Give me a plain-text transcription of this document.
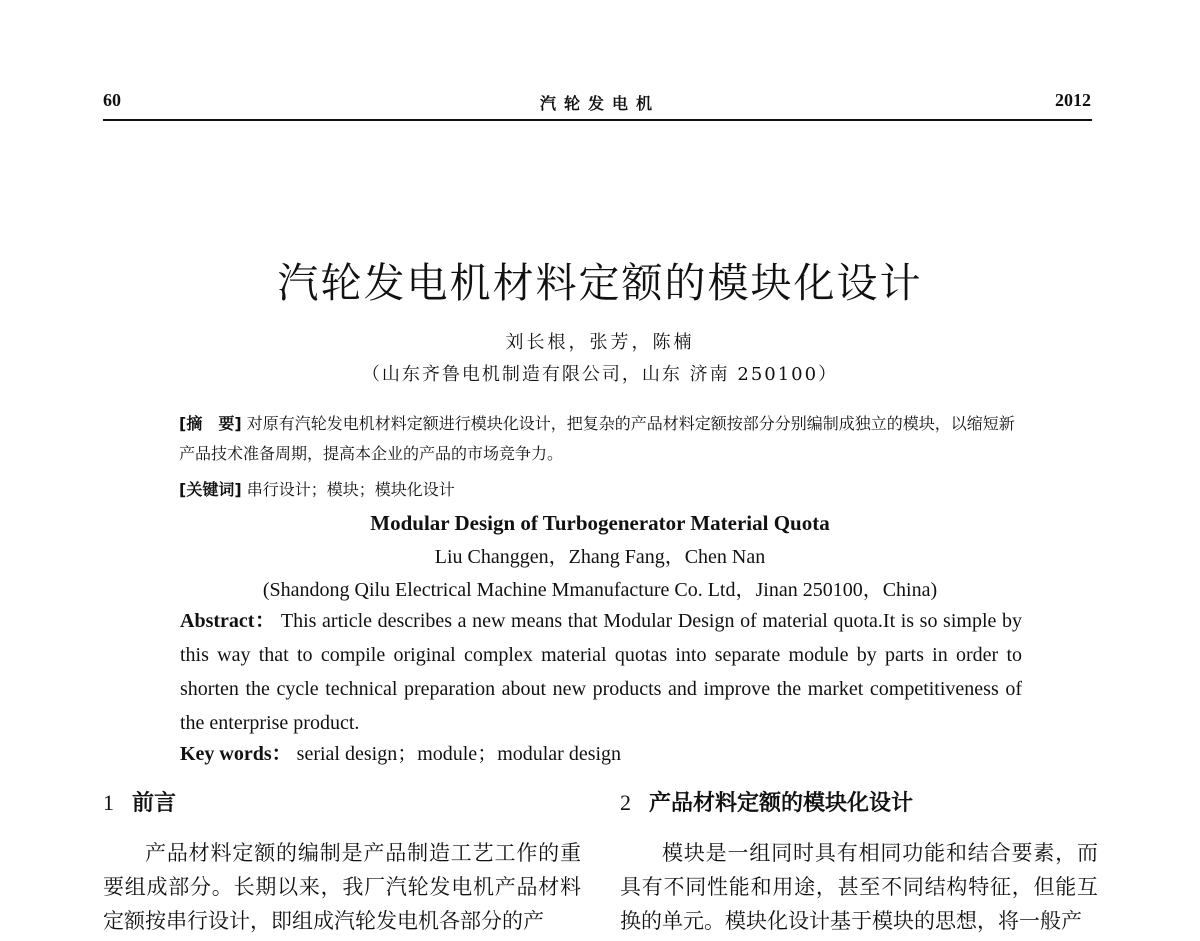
60	汽轮发电机	2012
汽轮发电机材料定额的模块化设计
刘长根，张芳，陈楠
（山东齐鲁电机制造有限公司，山东 济南 250100）
[摘　要] 对原有汽轮发电机材料定额进行模块化设计，把复杂的产品材料定额按部分分别编制成独立的模块，以缩短新产品技术准备周期，提高本企业的产品的市场竞争力。
[关键词] 串行设计；模块；模块化设计
Modular Design of Turbogenerator Material Quota
Liu Changgen，Zhang Fang，Chen Nan
(Shandong Qilu Electrical Machine Mmanufacture Co. Ltd，Jinan 250100，China)
Abstract： This article describes a new means that Modular Design of material quota.It is so simple by this way that to compile original complex material quotas into separate module by parts in order to shorten the cycle technical preparation about new products and improve the market competitiveness of the enterprise product.
Key words： serial design；module；modular design
1 前言	2 产品材料定额的模块化设计

产品材料定额的编制是产品制造工艺工作的重要组成部分。长期以来，我厂汽轮发电机产品材料定额按串行设计，即组成汽轮发电机各部分的产

模块是一组同时具有相同功能和结合要素，而具有不同性能和用途，甚至不同结构特征，但能互换的单元。模块化设计基于模块的思想，将一般产
